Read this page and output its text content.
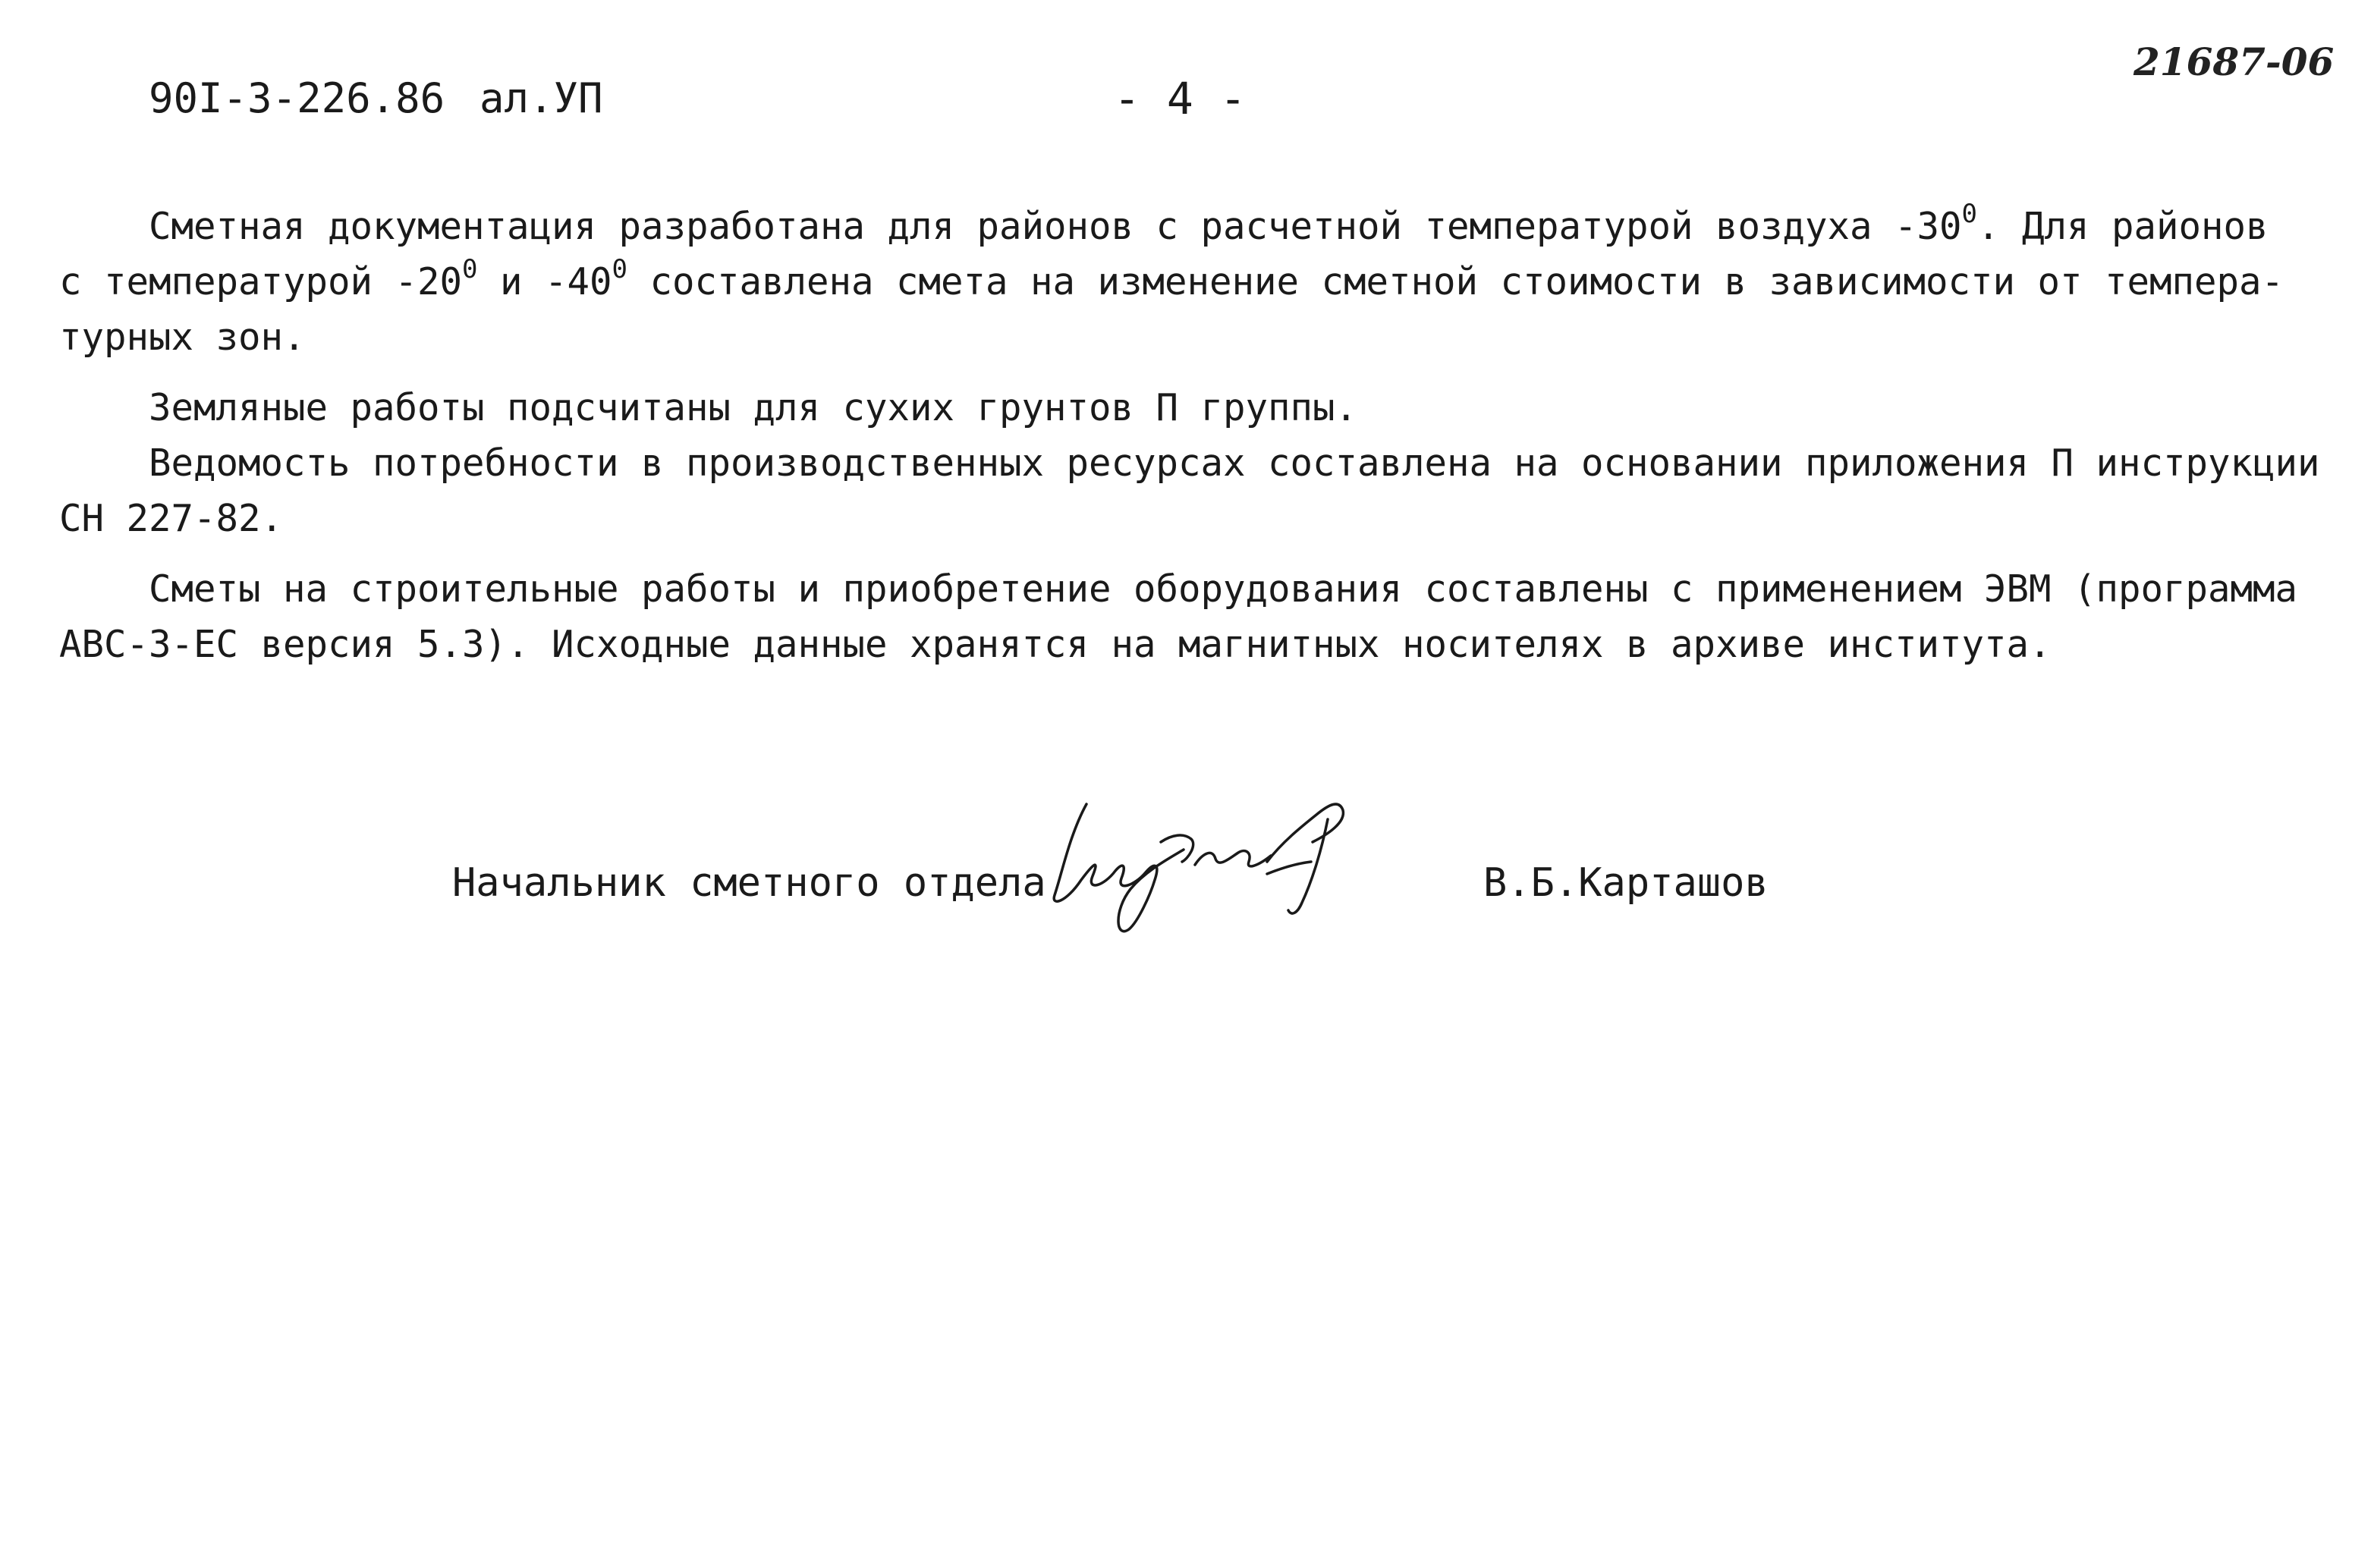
90I-3-226.86 ал.УП	- 4 -
21687-06
Сметная документация разработана для районов с расчетной температурой воздуха $-30^0$. Для районов
с температурой $-20^0$ и $-40^0$ составлена смета на изменение сметной стоимости в зависимости от темпера-
турных зон.
Земляные работы подсчитаны для сухих грунтов П группы.
Ведомость потребности в производственных ресурсах составлена на основании приложения П инструкции
СН 227-82.
Сметы на строительные работы и приобретение оборудования составлены с применением ЭВМ (программа
АВС-3-ЕС версия 5.3). Исходные данные хранятся на магнитных носителях в архиве института.
Начальник сметного отдела	В.Б.Карташов
